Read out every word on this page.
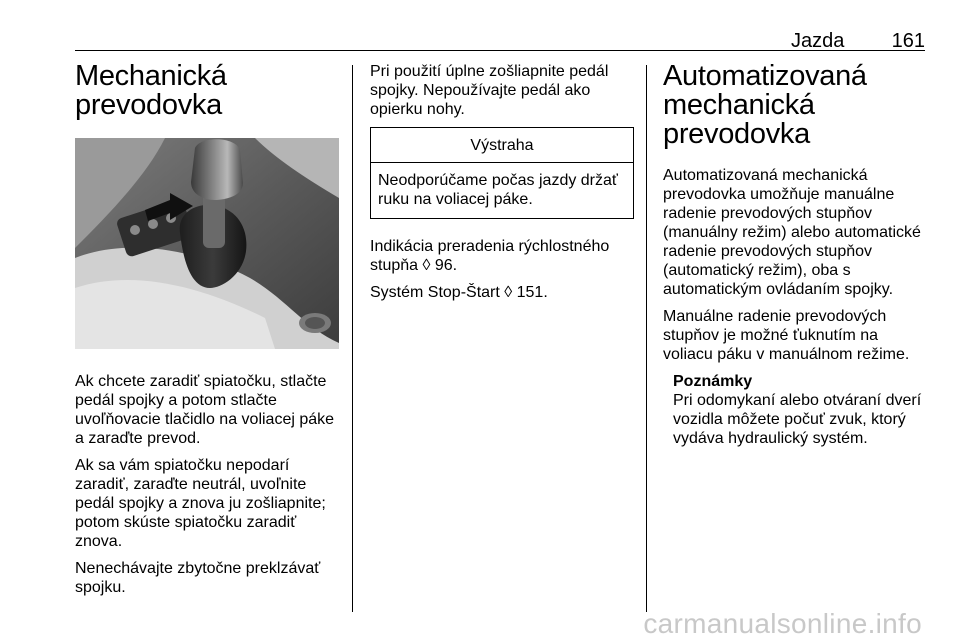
Jazda 161
Mechanická
prevodovka

Ak chcete zaradiť spiatočku, stlačte
pedál spojky a potom stlačte
uvoľňovacie tlačidlo na voliacej páke
a zaraďte prevod.

Ak sa vám spiatočku nepodarí
zaradiť, zaraďte neutrál, uvoľnite
pedál spojky a znova ju zošliapnite;
potom skúste spiatočku zaradiť
znova.

Nenechávajte zbytočne preklzávať
spojku.

Pri použití úplne zošliapnite pedál
spojky. Nepoužívajte pedál ako
opierku nohy.

Výstraha
Neodporúčame počas jazdy držať
ruku na voliacej páke.

Indikácia preradenia rýchlostného
stupňa ◊ 96.

Systém Stop-Štart ◊ 151.

Automatizovaná
mechanická
prevodovka

Automatizovaná mechanická
prevodovka umožňuje manuálne
radenie prevodových stupňov
(manuálny režim) alebo automatické
radenie prevodových stupňov
(automatický režim), oba s
automatickým ovládaním spojky.

Manuálne radenie prevodových
stupňov je možné ťuknutím na
voliacu páku v manuálnom režime.

Poznámky
Pri odomykaní alebo otváraní dverí
vozidla môžete počuť zvuk, ktorý
vydáva hydraulický systém.
carmanualsonline.info
